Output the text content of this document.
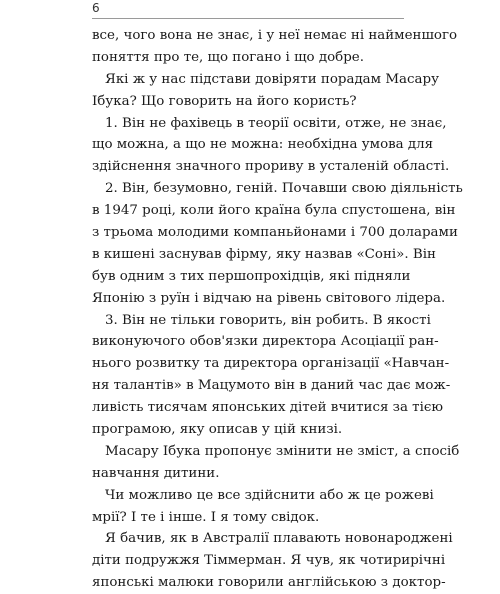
6
все, чого вона не знає, і у неї немає ні найменшого
поняття про те, що погано і що добре.
Які ж у нас підстави довіряти порадам Масару
Ібука? Що говорить на його користь?
1. Він не фахівець в теорії освіти, отже, не знає,
що можна, а що не можна: необхідна умова для
здійснення значного прориву в усталеній області.
2. Він, безумовно, геній. Почавши свою діяльність
в 1947 році, коли його країна була спустошена, він
з трьома молодими компаньйонами і 700 доларами
в кишені заснував фірму, яку назвав «Соні». Він
був одним з тих першопрохідців, які підняли
Японію з руїн і відчаю на рівень світового лідера.
3. Він не тільки говорить, він робить. В якості
виконуючого обов'язки директора Асоціації ран-
нього розвитку та директора організації «Навчан-
ня талантів» в Мацумото він в даний час дає мож-
ливість тисячам японських дітей вчитися за тією
програмою, яку описав у цій книзі.
Масару Ібука пропонує змінити не зміст, а спосіб
навчання дитини.
Чи можливо це все здійснити або ж це рожеві
мрії? І те і інше. І я тому свідок.
Я бачив, як в Австралії плавають новонароджені
діти подружжя Тіммерман. Я чув, як чотирирічні
японські малюки говорили англійською з доктор-
